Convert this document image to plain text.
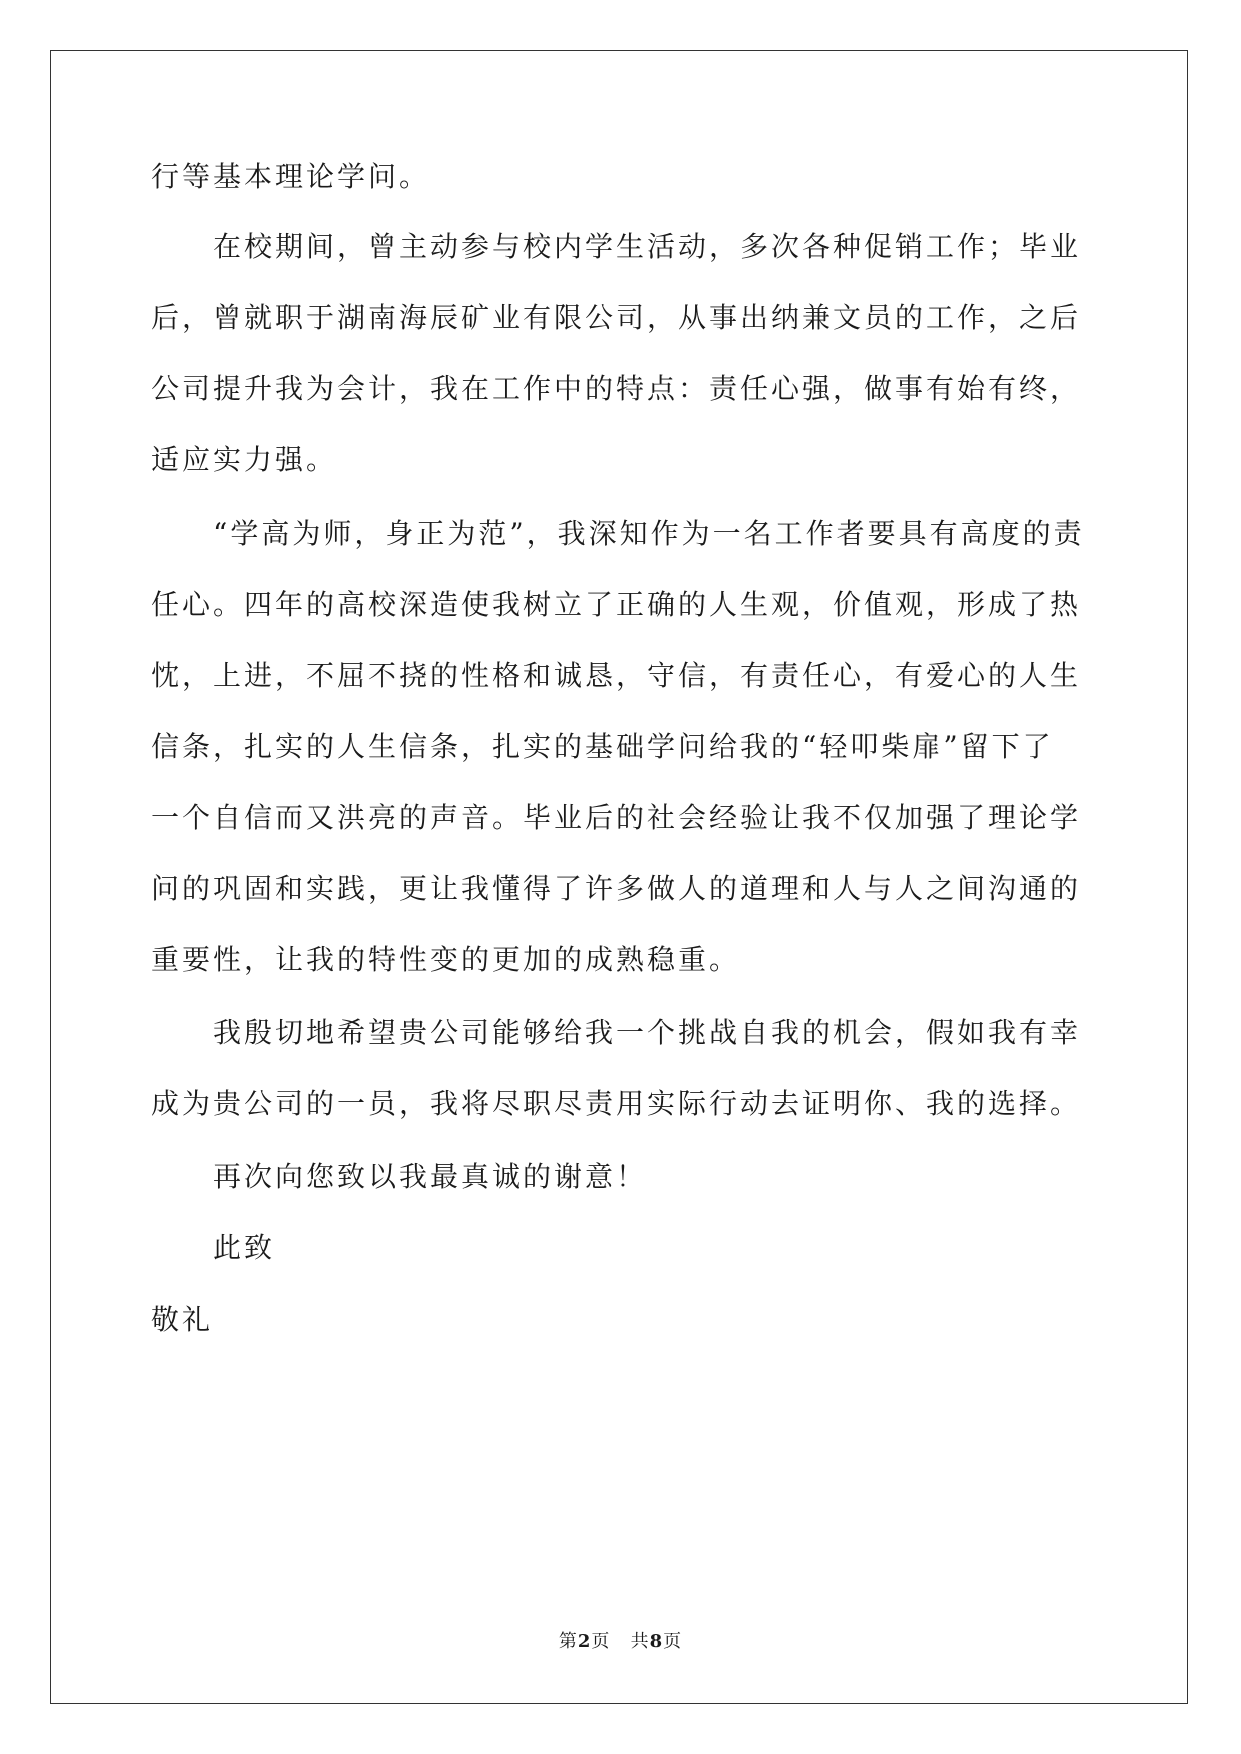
行等基本理论学问。
在校期间，曾主动参与校内学生活动，多次各种促销工作；毕业
后，曾就职于湖南海辰矿业有限公司，从事出纳兼文员的工作，之后
公司提升我为会计，我在工作中的特点：责任心强，做事有始有终，
适应实力强。
“学高为师，身正为范”，我深知作为一名工作者要具有高度的责
任心。四年的高校深造使我树立了正确的人生观，价值观，形成了热
忱，上进，不屈不挠的性格和诚恳，守信，有责任心，有爱心的人生
信条，扎实的人生信条，扎实的基础学问给我的“轻叩柴扉”留下了
一个自信而又洪亮的声音。毕业后的社会经验让我不仅加强了理论学
问的巩固和实践，更让我懂得了许多做人的道理和人与人之间沟通的
重要性，让我的特性变的更加的成熟稳重。
我殷切地希望贵公司能够给我一个挑战自我的机会，假如我有幸
成为贵公司的一员，我将尽职尽责用实际行动去证明你、我的选择。
再次向您致以我最真诚的谢意！
此致
敬礼
第2页 共8页
